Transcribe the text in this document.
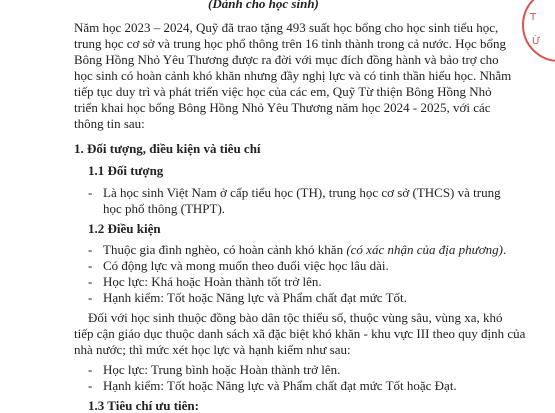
(Dành cho học sinh)
Năm học 2023 – 2024, Quỹ đã trao tặng 493 suất học bổng cho học sinh tiểu học,
trung học cơ sở và trung học phổ thông trên 16 tỉnh thành trong cả nước. Học bổng
Bông Hồng Nhỏ Yêu Thương được ra đời với mục đích đồng hành và bảo trợ cho
học sinh có hoàn cảnh khó khăn nhưng đầy nghị lực và có tinh thần hiếu học. Nhằm
tiếp tục duy trì và phát triển việc học của các em, Quỹ Từ thiện Bông Hồng Nhỏ
triển khai học bổng Bông Hồng Nhỏ Yêu Thương năm học 2024 - 2025, với các
thông tin sau:
1. Đối tượng, điều kiện và tiêu chí
1.1 Đối tượng
- Là học sinh Việt Nam ở cấp tiểu học (TH), trung học cơ sở (THCS) và trung
học phổ thông (THPT).
1.2 Điều kiện
- Thuộc gia đình nghèo, có hoàn cảnh khó khăn (có xác nhận của địa phương).
- Có động lực và mong muốn theo đuổi việc học lâu dài.
- Học lực: Khá hoặc Hoàn thành tốt trở lên.
- Hạnh kiểm: Tốt hoặc Năng lực và Phẩm chất đạt mức Tốt.
Đối với học sinh thuộc đồng bào dân tộc thiểu số, thuộc vùng sâu, vùng xa, khó
tiếp cận giáo dục thuộc danh sách xã đặc biệt khó khăn - khu vực III theo quy định của
nhà nước; thì mức xét học lực và hạnh kiểm như sau:
- Học lực: Trung bình hoặc Hoàn thành trở lên.
- Hạnh kiểm: Tốt hoặc Năng lực và Phẩm chất đạt mức Tốt hoặc Đạt.
1.3 Tiêu chí ưu tiên:
T
Ừ
